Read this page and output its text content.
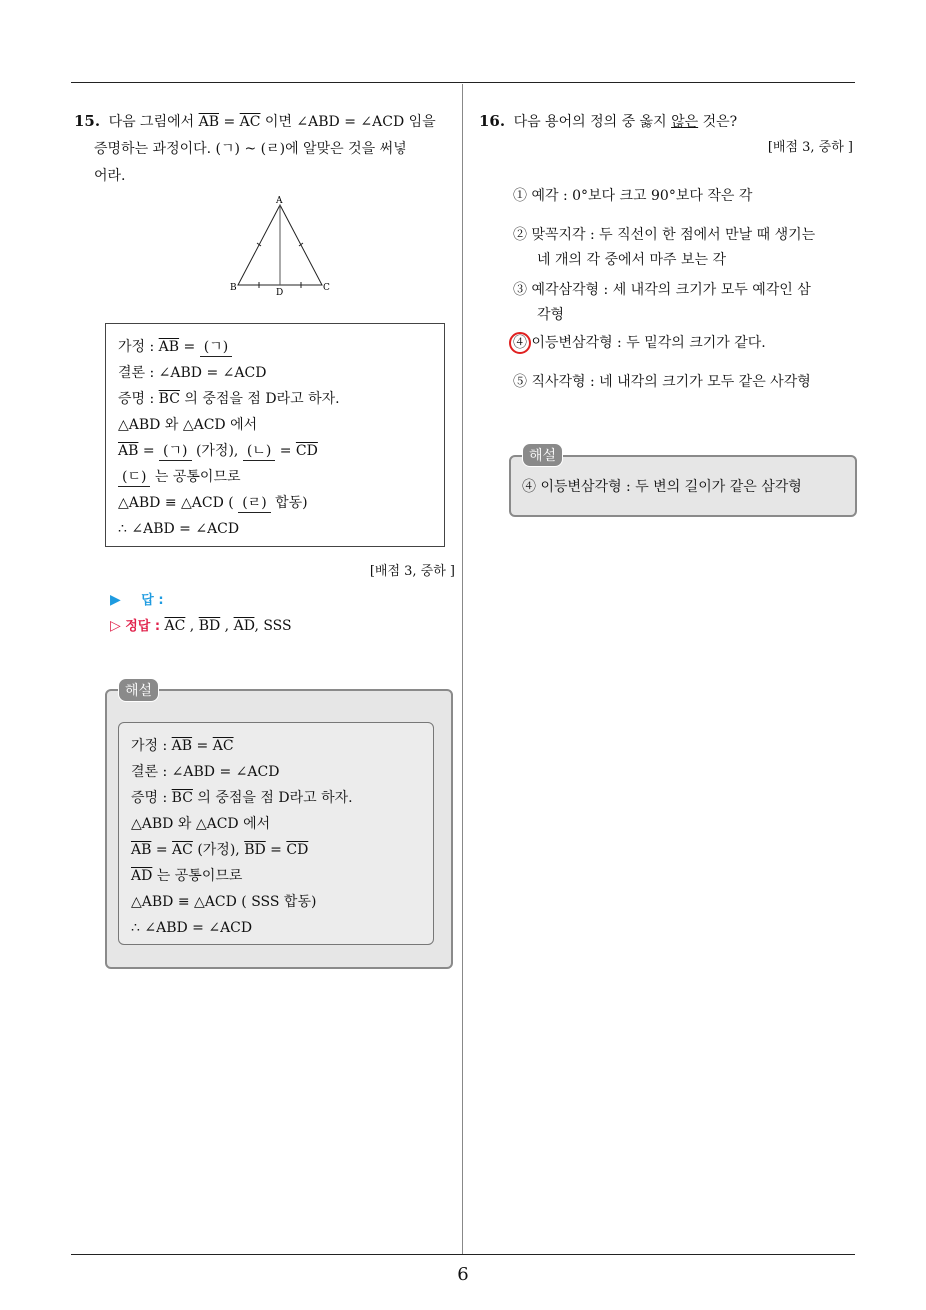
6
15. 다음 그림에서 $\overline{AB} = \overline{AC}$ 이면 ∠ABD = ∠ACD 임을
증명하는 과정이다. (ㄱ) ~ (ㄹ)에 알맞은 것을 써넣
어라.
A
B	C
D
가정 : $\overline{AB}$ = (ㄱ)
결론 : ∠ABD = ∠ACD
증명 : $\overline{BC}$ 의 중점을 점 D라고 하자.
△ABD 와 △ACD 에서
$\overline{AB}$ = (ㄱ) (가정), (ㄴ) = $\overline{CD}$
(ㄷ) 는 공통이므로
△ABD ≡ △ACD ( (ㄹ) 합동)
∴ ∠ABD = ∠ACD
[배점 3, 중하 ]
▶ 답 :
▷ 정답 : $\overline{AC}$ , $\overline{BD}$ , $\overline{AD}$, SSS
해설
가정 : $\overline{AB} = \overline{AC}$
결론 : ∠ABD = ∠ACD
증명 : $\overline{BC}$ 의 중점을 점 D라고 하자.
△ABD 와 △ACD 에서
$\overline{AB} = \overline{AC}$ (가정), $\overline{BD} = \overline{CD}$
$\overline{AD}$ 는 공통이므로
△ABD ≡ △ACD ( SSS 합동)
∴ ∠ABD = ∠ACD
16. 다음 용어의 정의 중 옳지 않은 것은?
[배점 3, 중하 ]
① 예각 : 0°보다 크고 90°보다 작은 각
② 맞꼭지각 : 두 직선이 한 점에서 만날 때 생기는
네 개의 각 중에서 마주 보는 각
③ 예각삼각형 : 세 내각의 크기가 모두 예각인 삼
각형
④ 이등변삼각형 : 두 밑각의 크기가 같다.
⑤ 직사각형 : 네 내각의 크기가 모두 같은 사각형
해설
④ 이등변삼각형 : 두 변의 길이가 같은 삼각형
